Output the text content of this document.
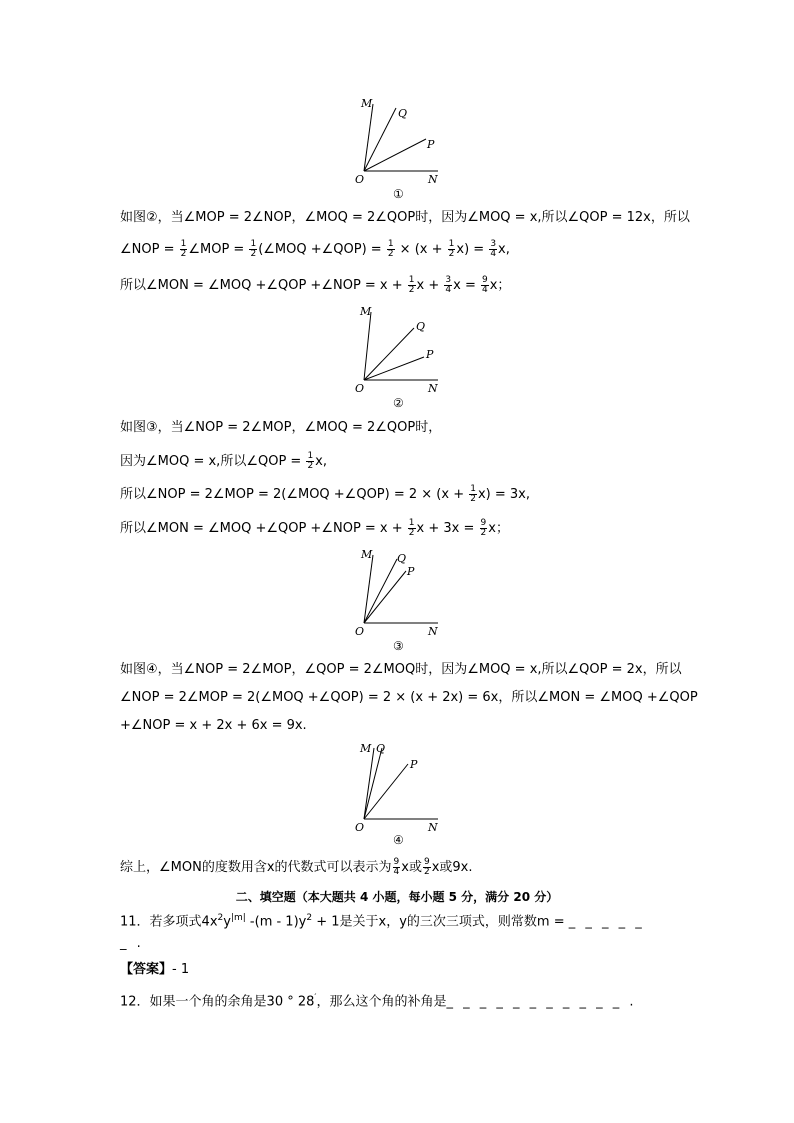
M
Q
P
O	N
①
如图②，当∠MOP = 2∠NOP，∠MOQ = 2∠QOP时，因为∠MOQ = x,所以∠QOP = 12x，所以
∠NOP = $\frac{1}{2}$ ∠MOP = $\frac{1}{2}$ (∠MOQ +∠QOP) = $\frac{1}{2} \times (x + \frac{1}{2} x) = \frac{3}{4} x$,
所以∠MON = ∠MOQ +∠QOP +∠NOP = $x + \frac{1}{2}$ $x + \frac{3}{4}$ $x = \frac{9}{4}$ x；
M
Q
P
O	N
②
如图③，当∠NOP = 2∠MOP，∠MOQ = 2∠QOP时，
因为∠MOQ = x,所以∠QOP = $\frac{1}{2} x$,
所以∠NOP = 2∠MOP = 2(∠MOQ +∠QOP) = $2 \times (x + \frac{1}{2} x) = 3x$,
所以∠MON = ∠MOQ +∠QOP +∠NOP = $x + \frac{1}{2}$ $x + 3x = \frac{9}{2}$ x；
M Q
P
O	N
③
如图④，当∠NOP = 2∠MOP，∠QOP = 2∠MOQ时，因为∠MOQ = x,所以∠QOP = 2x，所以
∠NOP = 2∠MOP = 2(∠MOQ +∠QOP) = 2 × (x + 2x) = 6x，所以∠MON = ∠MOQ +∠QOP
+∠NOP = x + 2x + 6x = 9x.
M Q
P
O	N
④
综上，∠MON的度数用含x的代数式可以表示为 $\frac{9}{4}$ x或 $\frac{9}{2}$ x或9x.
二、填空题（本大题共 4 小题，每小题 5 分，满分 20 分）
11．若多项式$4x^2y^{|m|}$ $-(m - 1)y^2 + 1$是关于x，y的三次三项式，则常数m = _ _ _ _ _
_ .
【答案】- 1
12．如果一个角的余角是30 ° 28′，那么这个角的补角是_ _ _ _ _ _ _ _ _ _ _ .
